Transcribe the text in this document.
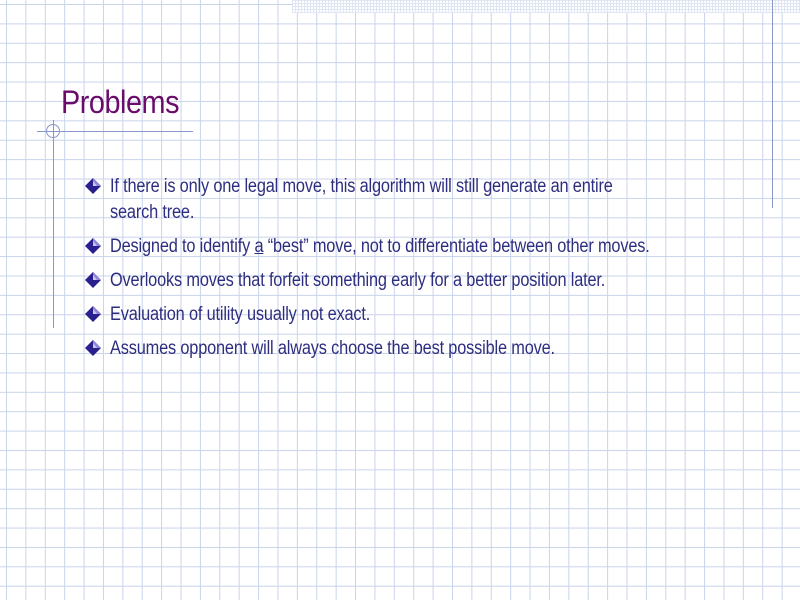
Problems
If there is only one legal move, this algorithm will still generate an entire
search tree.
Designed to identify a “best” move, not to differentiate between other moves.
Overlooks moves that forfeit something early for a better position later.
Evaluation of utility usually not exact.
Assumes opponent will always choose the best possible move.
